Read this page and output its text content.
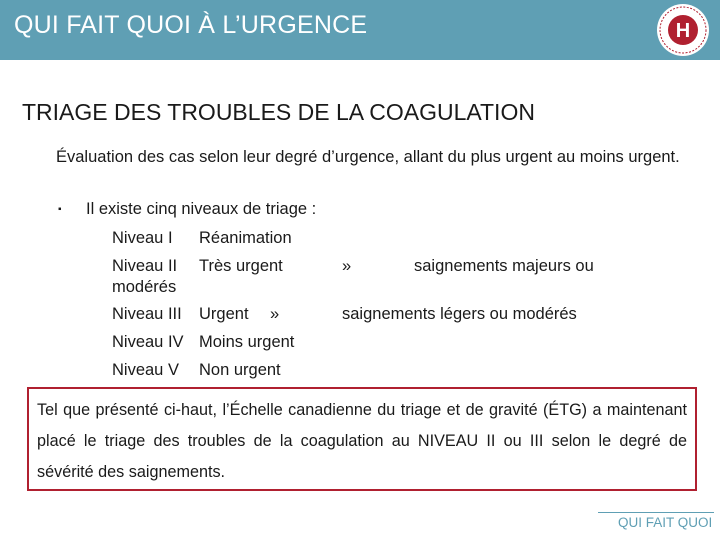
QUI FAIT QUOI À L’URGENCE	H
TRIAGE DES TROUBLES DE LA COAGULATION
Évaluation des cas selon leur degré d’urgence, allant du plus urgent au moins urgent.
▪ Il existe cinq niveaux de triage :
Niveau I Réanimation
Niveau II Très urgent	»	saignements majeurs ou
modérés
Niveau III Urgent »	saignements légers ou modérés
Niveau IV Moins urgent
Niveau V Non urgent
Tel que présenté ci-haut, l’Échelle canadienne du triage et de gravité (ÉTG) a maintenant placé le triage des troubles de la coagulation au NIVEAU II ou III selon le degré de sévérité des saignements.
QUI FAIT QUOI
